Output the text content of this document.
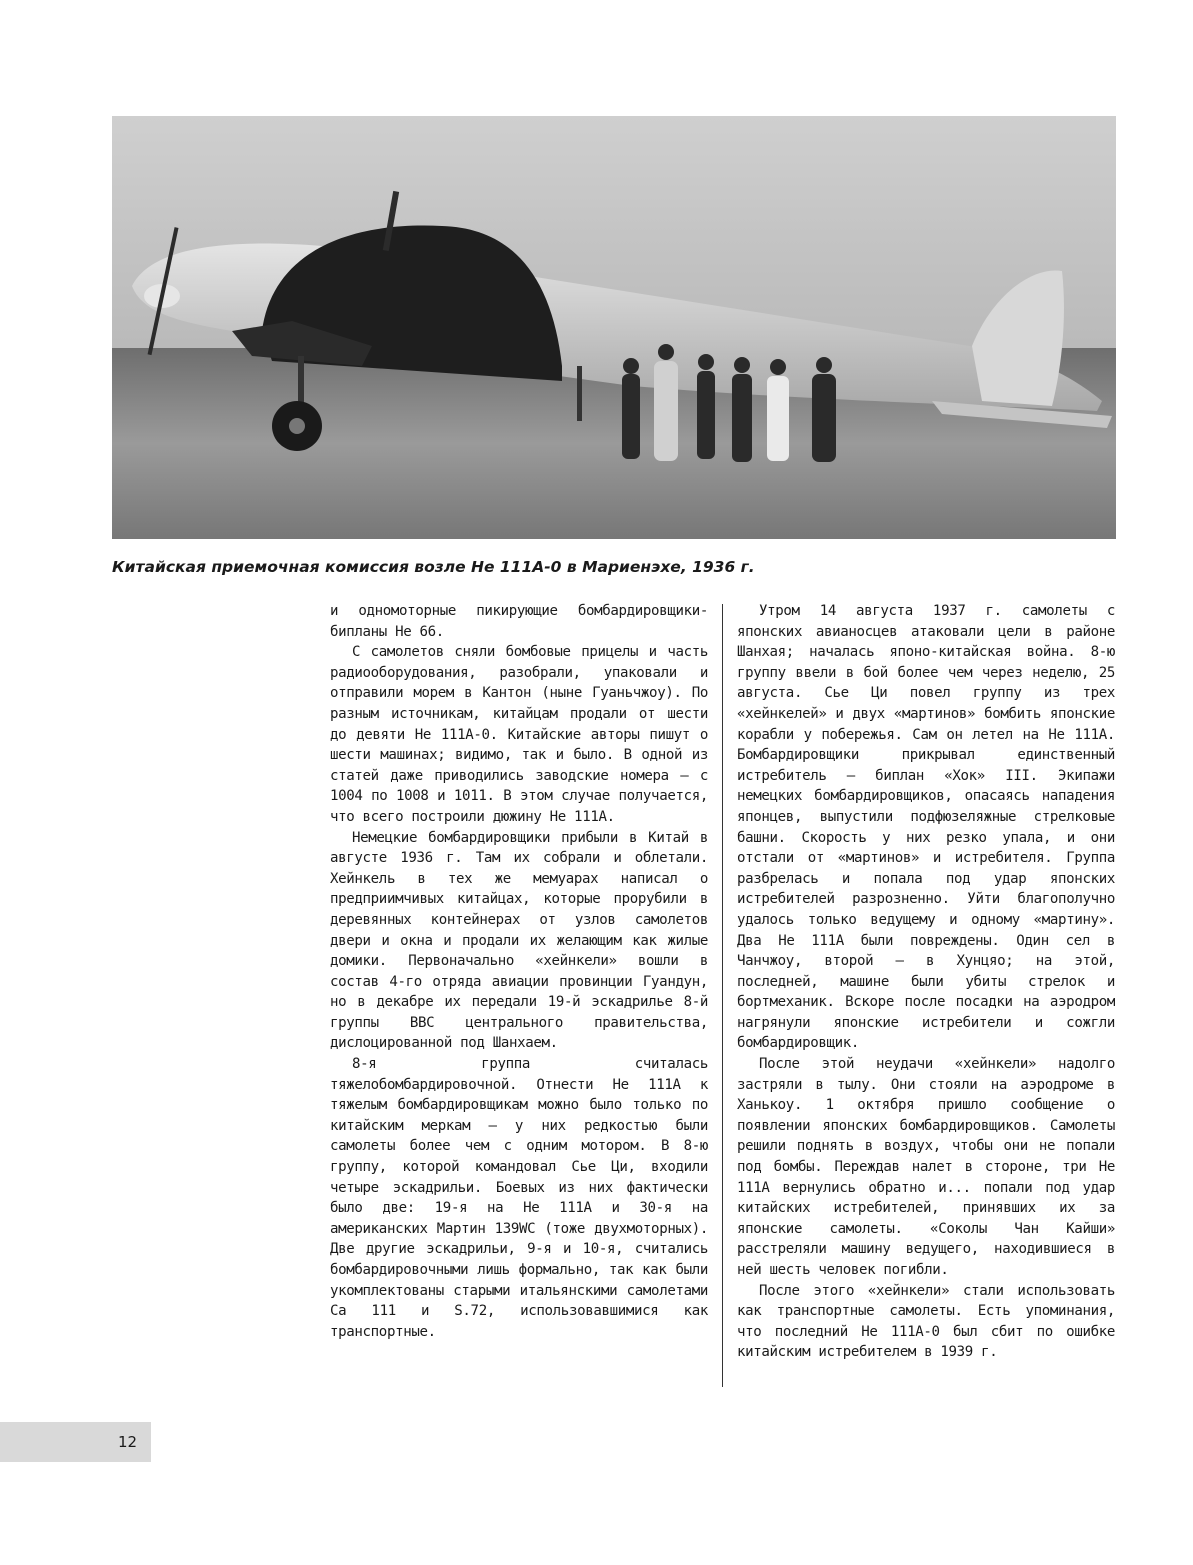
Китайская приемочная комиссия возле He 111A-0 в Мариенэхе, 1936 г.

и одномоторные пикирующие бомбардировщики-бипланы He 66.

С самолетов сняли бомбовые прицелы и часть радиооборудования, разобрали, упаковали и отправили морем в Кантон (ныне Гуаньчжоу). По разным источникам, китайцам продали от шести до девяти He 111A-0. Китайские авторы пишут о шести машинах; видимо, так и было. В одной из статей даже приводились заводские номера — с 1004 по 1008 и 1011. В этом случае получается, что всего построили дюжину He 111A.

Немецкие бомбардировщики прибыли в Китай в августе 1936 г. Там их собрали и облетали. Хейнкель в тех же мемуарах написал о предприимчивых китайцах, которые прорубили в деревянных контейнерах от узлов самолетов двери и окна и продали их желающим как жилые домики. Первоначально «хейнкели» вошли в состав 4-го отряда авиации провинции Гуандун, но в декабре их передали 19-й эскадрилье 8-й группы ВВС центрального правительства, дислоцированной под Шанхаем.

8-я группа считалась тяжелобомбардировочной. Отнести He 111A к тяжелым бомбардировщикам можно было только по китайским меркам — у них редкостью были самолеты более чем с одним мотором. В 8-ю группу, которой командовал Сье Ци, входили четыре эскадрильи. Боевых из них фактически было две: 19-я на He 111A и 30-я на американских Мартин 139WC (тоже двухмоторных). Две другие эскадрильи, 9-я и 10-я, считались бомбардировочными лишь формально, так как были укомплектованы старыми итальянскими самолетами Ca 111 и S.72, использовавшимися как транспортные.

Утром 14 августа 1937 г. самолеты с японских авианосцев атаковали цели в районе Шанхая; началась японо-китайская война. 8-ю группу ввели в бой более чем через неделю, 25 августа. Сье Ци повел группу из трех «хейнкелей» и двух «мартинов» бомбить японские корабли у побережья. Сам он летел на He 111A. Бомбардировщики прикрывал единственный истребитель — биплан «Хок» III. Экипажи немецких бомбардировщиков, опасаясь нападения японцев, выпустили подфюзеляжные стрелковые башни. Скорость у них резко упала, и они отстали от «мартинов» и истребителя. Группа разбрелась и попала под удар японских истребителей разрозненно. Уйти благополучно удалось только ведущему и одному «мартину». Два He 111A были повреждены. Один сел в Чанчжоу, второй — в Хунцяо; на этой, последней, машине были убиты стрелок и бортмеханик. Вскоре после посадки на аэродром нагрянули японские истребители и сожгли бомбардировщик.

После этой неудачи «хейнкели» надолго застряли в тылу. Они стояли на аэродроме в Ханькоу. 1 октября пришло сообщение о появлении японских бомбардировщиков. Самолеты решили поднять в воздух, чтобы они не попали под бомбы. Переждав налет в стороне, три He 111A вернулись обратно и... попали под удар китайских истребителей, принявших их за японские самолеты. «Соколы Чан Кайши» расстреляли машину ведущего, находившиеся в ней шесть человек погибли.

После этого «хейнкели» стали использовать как транспортные самолеты. Есть упоминания, что последний He 111A-0 был сбит по ошибке китайским истребителем в 1939 г.

12
